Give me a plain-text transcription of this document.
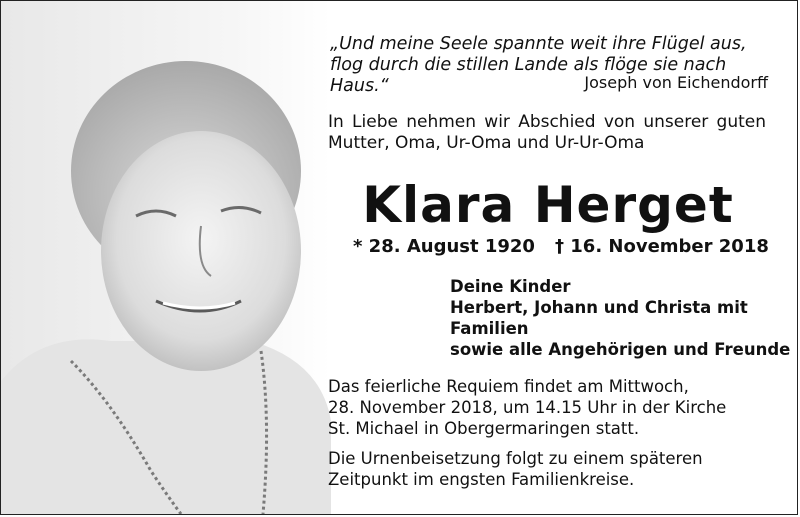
„Und meine Seele spannte weit ihre Flügel aus,
flog durch die stillen Lande als flöge sie nach Haus.“	Joseph von Eichendorff
In Liebe nehmen wir Abschied von unserer guten Mutter, Oma, Ur-Oma und Ur-Ur-Oma
Klara Herget
* 28. August 1920 † 16. November 2018
Deine Kinder
Herbert, Johann und Christa mit
Familien
sowie alle Angehörigen und Freunde
Das feierliche Requiem findet am Mittwoch,
28. November 2018, um 14.15 Uhr in der Kirche
St. Michael in Obergermaringen statt.
Die Urnenbeisetzung folgt zu einem späteren
Zeitpunkt im engsten Familienkreise.
